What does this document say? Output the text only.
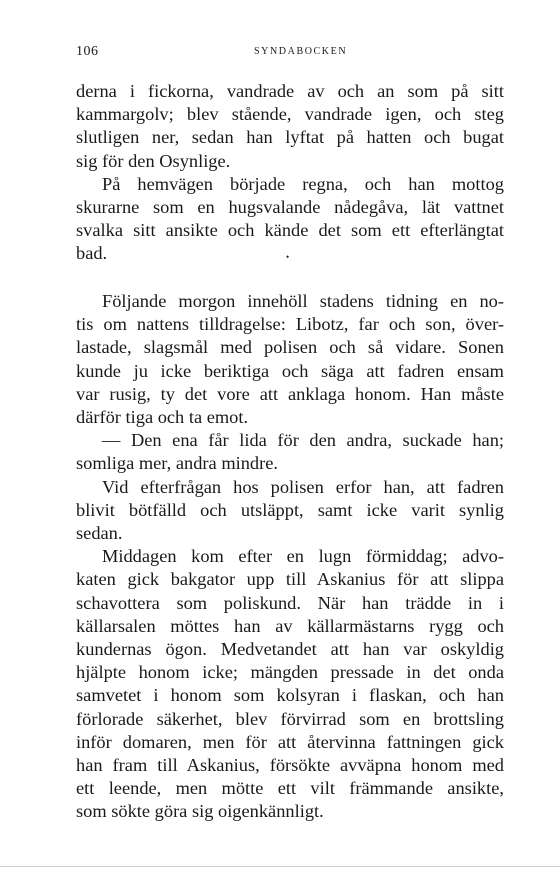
106	SYNDABOCKEN
derna i fickorna, vandrade av och an som på sitt
kammargolv; blev stående, vandrade igen, och steg
slutligen ner, sedan han lyftat på hatten och bugat
sig för den Osynlige.
På hemvägen började regna, och han mottog
skurarne som en hugsvalande nådegåva, lät vattnet
svalka sitt ansikte och kände det som ett efterlängtat
bad.	•
Följande morgon innehöll stadens tidning en no-
tis om nattens tilldragelse: Libotz, far och son, över-
lastade, slagsmål med polisen och så vidare. Sonen
kunde ju icke beriktiga och säga att fadren ensam
var rusig, ty det vore att anklaga honom. Han måste
därför tiga och ta emot.
— Den ena får lida för den andra, suckade han;
somliga mer, andra mindre.
Vid efterfrågan hos polisen erfor han, att fadren
blivit bötfälld och utsläppt, samt icke varit synlig
sedan.
Middagen kom efter en lugn förmiddag; advo-
katen gick bakgator upp till Askanius för att slippa
schavottera som poliskund. När han trädde in i
källarsalen möttes han av källarmästarns rygg och
kundernas ögon. Medvetandet att han var oskyldig
hjälpte honom icke; mängden pressade in det onda
samvetet i honom som kolsyran i flaskan, och han
förlorade säkerhet, blev förvirrad som en brottsling
inför domaren, men för att återvinna fattningen gick
han fram till Askanius, försökte avväpna honom med
ett leende, men mötte ett vilt främmande ansikte,
som sökte göra sig oigenkännligt.
